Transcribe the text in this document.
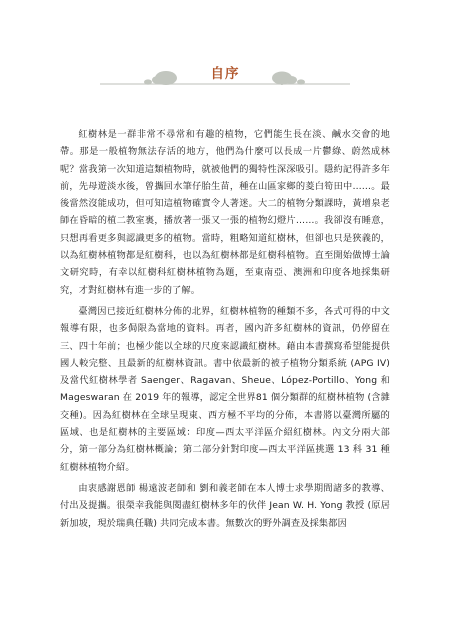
自序

紅樹林是一群非常不尋常和有趣的植物，它們能生長在淡、鹹水交會的地帶。那是一般植物無法存活的地方，他們為什麼可以長成一片鬱綠、蔚然成林呢？當我第一次知道這類植物時，就被他們的獨特性深深吸引。隱約記得許多年前，先母遊淡水後，曾攜回水筆仔胎生苗，種在山區家鄉的菱白筍田中……。最後當然沒能成功，但可知這植物確實令人著迷。大二的植物分類課時，黃增泉老師在昏暗的植二教室裏，播放著一張又一張的植物幻燈片……。我卻沒有睡意，只想再看更多與認識更多的植物。當時，粗略知道紅樹林，但卻也只是狹義的，以為紅樹林植物都是紅樹科，也以為紅樹林都是紅樹科植物。直至開始做博士論文研究時，有幸以紅樹科紅樹林植物為題，至東南亞、澳洲和印度各地採集研究，才對紅樹林有進一步的了解。

臺灣因已接近紅樹林分佈的北界，紅樹林植物的種類不多，各式可得的中文報導有限，也多侷限為當地的資料。再者，國內許多紅樹林的資訊，仍停留在三、四十年前；也極少能以全球的尺度來認識紅樹林。藉由本書撰寫希望能提供國人較完整、且最新的紅樹林資訊。書中依最新的被子植物分類系統 (APG IV) 及當代紅樹林學者 Saenger、Ragavan、Sheue、López-Portillo、Yong 和 Mageswaran 在 2019 年的報導，認定全世界81 個分類群的紅樹林植物 (含雜交種)。因為紅樹林在全球呈現東、西方極不平均的分佈，本書將以臺灣所屬的區域、也是紅樹林的主要區域：印度—西太平洋區介紹紅樹林。內文分兩大部分，第一部分為紅樹林概論；第二部分針對印度—西太平洋區挑選 13 科 31 種紅樹林植物介紹。

由衷感謝恩師 楊遠波老師和 劉和義老師在本人博士求學期間諸多的教導、付出及提攜。很榮幸我能與閱盡紅樹林多年的伙伴 Jean W. H. Yong 教授 (原居新加坡，現於瑞典任職) 共同完成本書。無數次的野外調查及採集都因
